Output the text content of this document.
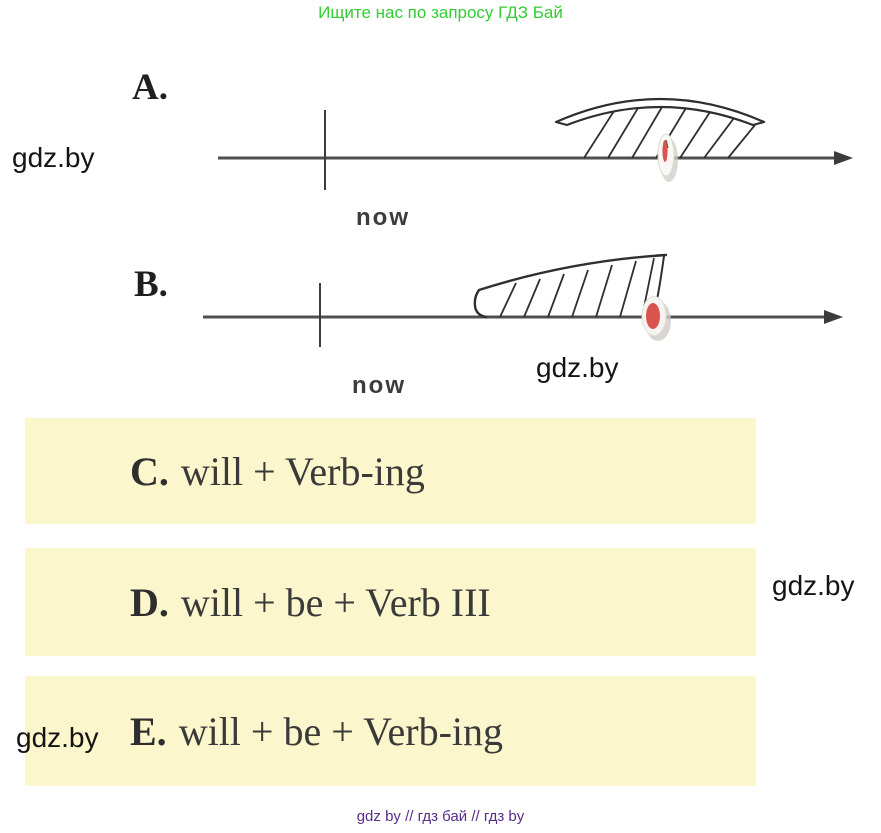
Ищите нас по запросу ГДЗ Бай
gdz.by
A.
now
B.
now
gdz.by
C. will + Verb-ing
D. will + be + Verb III	gdz.by
E. will + be + Verb-ing
gdz.by
gdz by // гдз бай // гдз by
